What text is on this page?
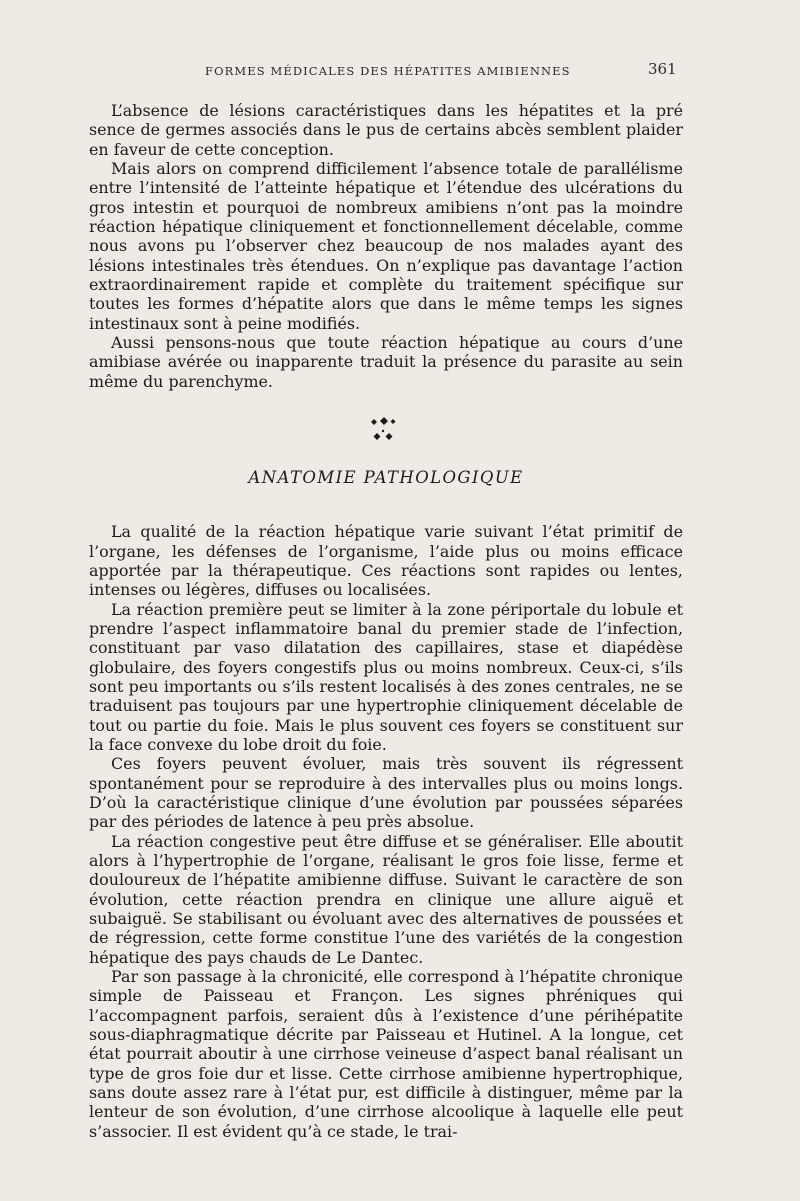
FORMES MÉDICALES DES HÉPATITES AMIBIENNES	361

L’absence de lésions caractéristiques dans les hépatites et la pré sence de germes associés dans le pus de certains abcès semblent plaider en faveur de cette conception.

Mais alors on comprend difficilement l’absence totale de parallélisme entre l’intensité de l’atteinte hépatique et l’étendue des ulcérations du gros intestin et pourquoi de nombreux amibiens n’ont pas la moindre réaction hépatique cliniquement et fonctionnellement décelable, comme nous avons pu l’observer chez beaucoup de nos malades ayant des lésions intestinales très étendues. On n’explique pas davantage l’action extraordinairement rapide et complète du traitement spécifique sur toutes les formes d’hépatite alors que dans le même temps les signes intestinaux sont à peine modifiés.

Aussi pensons-nous que toute réaction hépatique au cours d’une amibiase avérée ou inapparente traduit la présence du parasite au sein même du parenchyme.

ANATOMIE PATHOLOGIQUE

La qualité de la réaction hépatique varie suivant l’état primitif de l’organe, les défenses de l’organisme, l’aide plus ou moins efficace apportée par la thérapeutique. Ces réactions sont rapides ou lentes, intenses ou légères, diffuses ou localisées.

La réaction première peut se limiter à la zone périportale du lobule et prendre l’aspect inflammatoire banal du premier stade de l’infection, constituant par vaso dilatation des capillaires, stase et diapédèse globulaire, des foyers congestifs plus ou moins nombreux. Ceux-ci, s’ils sont peu importants ou s’ils restent localisés à des zones centrales, ne se traduisent pas toujours par une hypertrophie cliniquement décelable de tout ou partie du foie. Mais le plus souvent ces foyers se constituent sur la face convexe du lobe droit du foie.

Ces foyers peuvent évoluer, mais très souvent ils régressent spontanément pour se reproduire à des intervalles plus ou moins longs. D’où la caractéristique clinique d’une évolution par poussées séparées par des périodes de latence à peu près absolue.

La réaction congestive peut être diffuse et se généraliser. Elle aboutit alors à l’hypertrophie de l’organe, réalisant le gros foie lisse, ferme et douloureux de l’hépatite amibienne diffuse. Suivant le caractère de son évolution, cette réaction prendra en clinique une allure aiguë et subaiguë. Se stabilisant ou évoluant avec des alternatives de poussées et de régression, cette forme constitue l’une des variétés de la congestion hépatique des pays chauds de Le Dantec.

Par son passage à la chronicité, elle correspond à l’hépatite chronique simple de Paisseau et Françon. Les signes phréniques qui l’accompagnent parfois, seraient dûs à l’existence d’une périhépatite sous-diaphragmatique décrite par Paisseau et Hutinel. A la longue, cet état pourrait aboutir à une cirrhose veineuse d’aspect banal réalisant un type de gros foie dur et lisse. Cette cirrhose amibienne hypertrophique, sans doute assez rare à l’état pur, est difficile à distinguer, même par la lenteur de son évolution, d’une cirrhose alcoolique à laquelle elle peut s’associer. Il est évident qu’à ce stade, le trai-
